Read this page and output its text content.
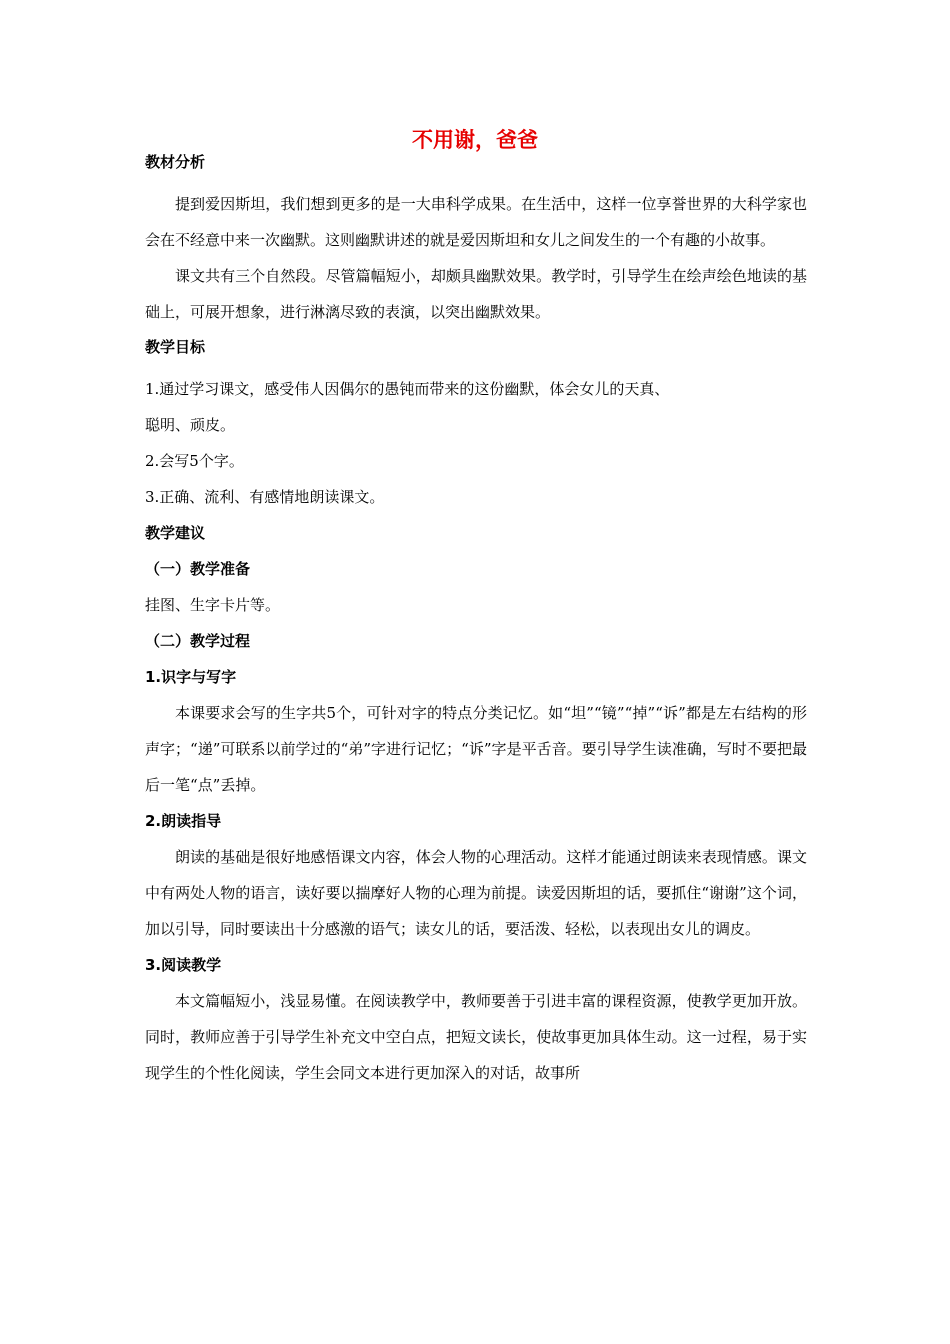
不用谢，爸爸
教材分析

提到爱因斯坦，我们想到更多的是一大串科学成果。在生活中，这样一位享誉世界的大科学家也会在不经意中来一次幽默。这则幽默讲述的就是爱因斯坦和女儿之间发生的一个有趣的小故事。

课文共有三个自然段。尽管篇幅短小，却颇具幽默效果。教学时，引导学生在绘声绘色地读的基础上，可展开想象，进行淋漓尽致的表演，以突出幽默效果。

教学目标

1.通过学习课文，感受伟人因偶尔的愚钝而带来的这份幽默，体会女儿的天真、

聪明、顽皮。

2.会写5个字。

3.正确、流利、有感情地朗读课文。

教学建议
（一）教学准备

挂图、生字卡片等。

（二）教学过程
1.识字与写字

本课要求会写的生字共5个，可针对字的特点分类记忆。如“坦”“镜”“掉”“诉”都是左右结构的形声字；“递”可联系以前学过的“弟”字进行记忆；“诉”字是平舌音。要引导学生读准确，写时不要把最后一笔“点”丢掉。

2.朗读指导

朗读的基础是很好地感悟课文内容，体会人物的心理活动。这样才能通过朗读来表现情感。课文中有两处人物的语言，读好要以揣摩好人物的心理为前提。读爱因斯坦的话，要抓住“谢谢”这个词，加以引导，同时要读出十分感激的语气；读女儿的话，要活泼、轻松，以表现出女儿的调皮。

3.阅读教学

本文篇幅短小，浅显易懂。在阅读教学中，教师要善于引进丰富的课程资源，使教学更加开放。同时，教师应善于引导学生补充文中空白点，把短文读长，使故事更加具体生动。这一过程，易于实现学生的个性化阅读，学生会同文本进行更加深入的对话，故事所
